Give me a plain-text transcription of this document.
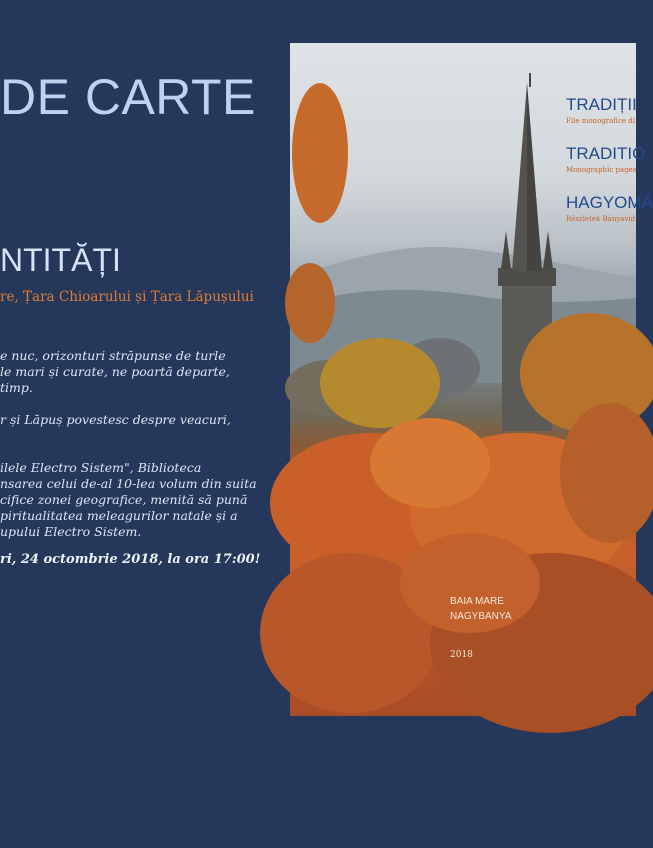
DE CARTE
NTITĂȚI
re, Țara Chioarului și Țara Lăpușului
e nuc, orizonturi străpunse de turle
le mari și curate, ne poartă departe,
timp.
r și Lăpuș povestesc despre veacuri,
ilele Electro Sistem", Biblioteca
nsarea celui de-al 10-lea volum din suita
cifice zonei geografice, menită să pună
piritualitatea meleagurilor natale și a
upului Electro Sistem.
ri, 24 octombrie 2018, la ora 17:00!
TRADIȚII
File monografice di
TRADITIO
Monographic pages
HAGYOMÁ
Részletek Bányavid
BAIA MARE
NAGYBANYA
2018
